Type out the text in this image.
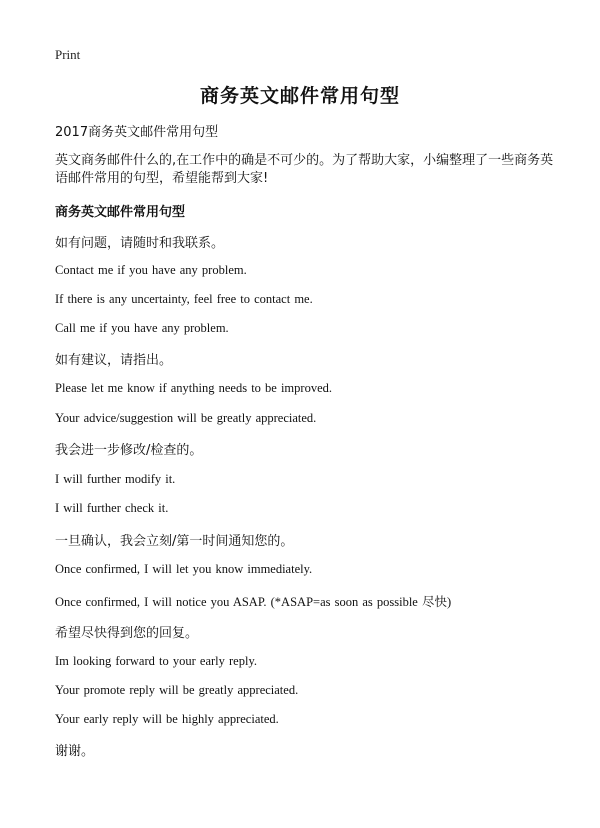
Print
商务英文邮件常用句型
2017商务英文邮件常用句型
英文商务邮件什么的,在工作中的确是不可少的。为了帮助大家，小编整理了一些商务英语邮件常用的句型，希望能帮到大家!
商务英文邮件常用句型
如有问题，请随时和我联系。
Contact me if you have any problem.
If there is any uncertainty, feel free to contact me.
Call me if you have any problem.
如有建议，请指出。
Please let me know if anything needs to be improved.
Your advice/suggestion will be greatly appreciated.
我会进一步修改/检查的。
I will further modify it.
I will further check it.
一旦确认，我会立刻/第一时间通知您的。
Once confirmed, I will let you know immediately.
Once confirmed, I will notice you ASAP. (*ASAP=as soon as possible 尽快)
希望尽快得到您的回复。
Im looking forward to your early reply.
Your promote reply will be greatly appreciated.
Your early reply will be highly appreciated.
谢谢。
